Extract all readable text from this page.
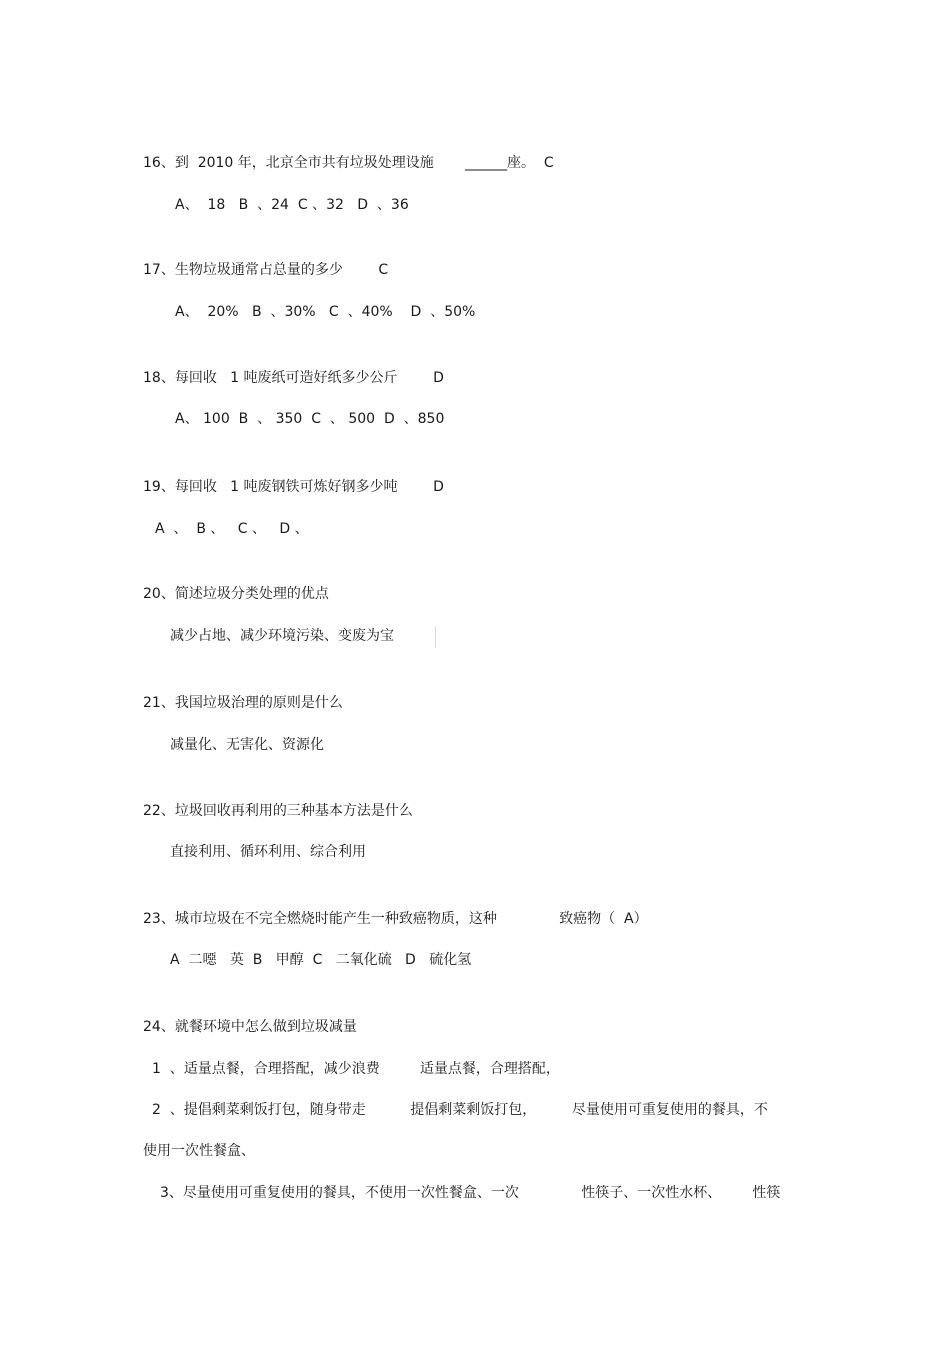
16、到  2010 年，北京全市共有垃圾处理设施       ______座。  C
A、  18   B  、24  C 、32   D  、36
17、生物垃圾通常占总量的多少        C
A、  20%   B  、30%   C  、40%    D  、50%
18、每回收   1 吨废纸可造好纸多少公斤        D
A、 100  B  、 350  C  、 500  D  、850
19、每回收   1 吨废钢铁可炼好钢多少吨        D
A  、  B 、   C 、   D 、
20、简述垃圾分类处理的优点
减少占地、减少环境污染、变废为宝
21、我国垃圾治理的原则是什么
减量化、无害化、资源化
22、垃圾回收再利用的三种基本方法是什么
直接利用、循环利用、综合利用
23、城市垃圾在不完全燃烧时能产生一种致癌物质，这种              致癌物（  A）
A  二噁   英  B   甲醇  C   二氧化硫   D   硫化氢
24、就餐环境中怎么做到垃圾减量
1  、适量点餐，合理搭配，减少浪费         适量点餐，合理搭配，
2  、提倡剩菜剩饭打包，随身带走          提倡剩菜剩饭打包，        尽量使用可重复使用的餐具，不
使用一次性餐盒、
3、尽量使用可重复使用的餐具，不使用一次性餐盒、一次              性筷子、一次性水杯、       性筷
